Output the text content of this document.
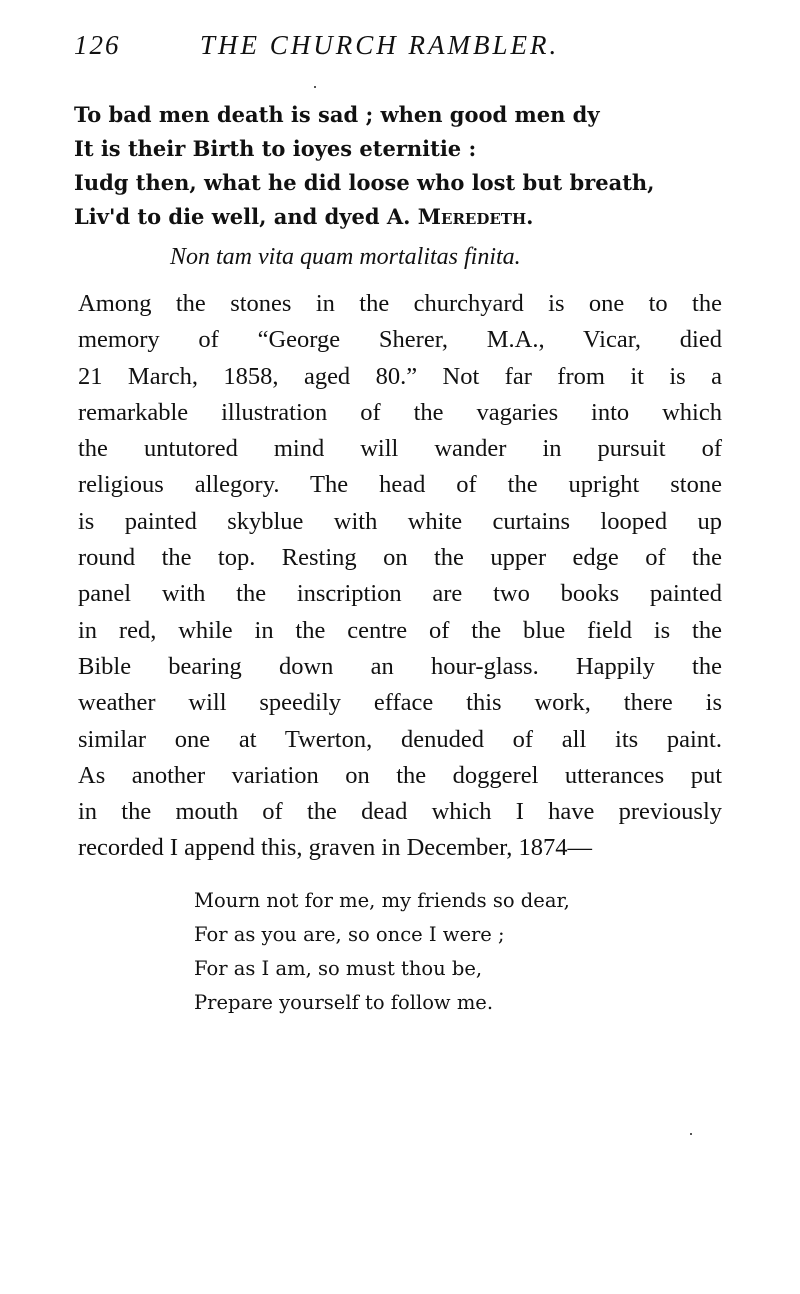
126	THE CHURCH RAMBLER.
To bad men death is sad ; when good men dy
It is their Birth to ioyes eternitie :
Iudg then, what he did loose who lost but breath,
Liv'd to die well, and dyed A. Meredeth.
Non tam vita quam mortalitas finita.
Among the stones in the churchyard is one to the
memory of “George Sherer, M.A., Vicar, died
21 March, 1858, aged 80.” Not far from it is a
remarkable illustration of the vagaries into which
the untutored mind will wander in pursuit of
religious allegory. The head of the upright stone
is painted skyblue with white curtains looped up
round the top. Resting on the upper edge of the
panel with the inscription are two books painted
in red, while in the centre of the blue field is the
Bible bearing down an hour-glass. Happily the
weather will speedily efface this work, there is
similar one at Twerton, denuded of all its paint.
As another variation on the doggerel utterances put
in the mouth of the dead which I have previously
recorded I append this, graven in December, 1874—
Mourn not for me, my friends so dear,
For as you are, so once I were ;
For as I am, so must thou be,
Prepare yourself to follow me.
